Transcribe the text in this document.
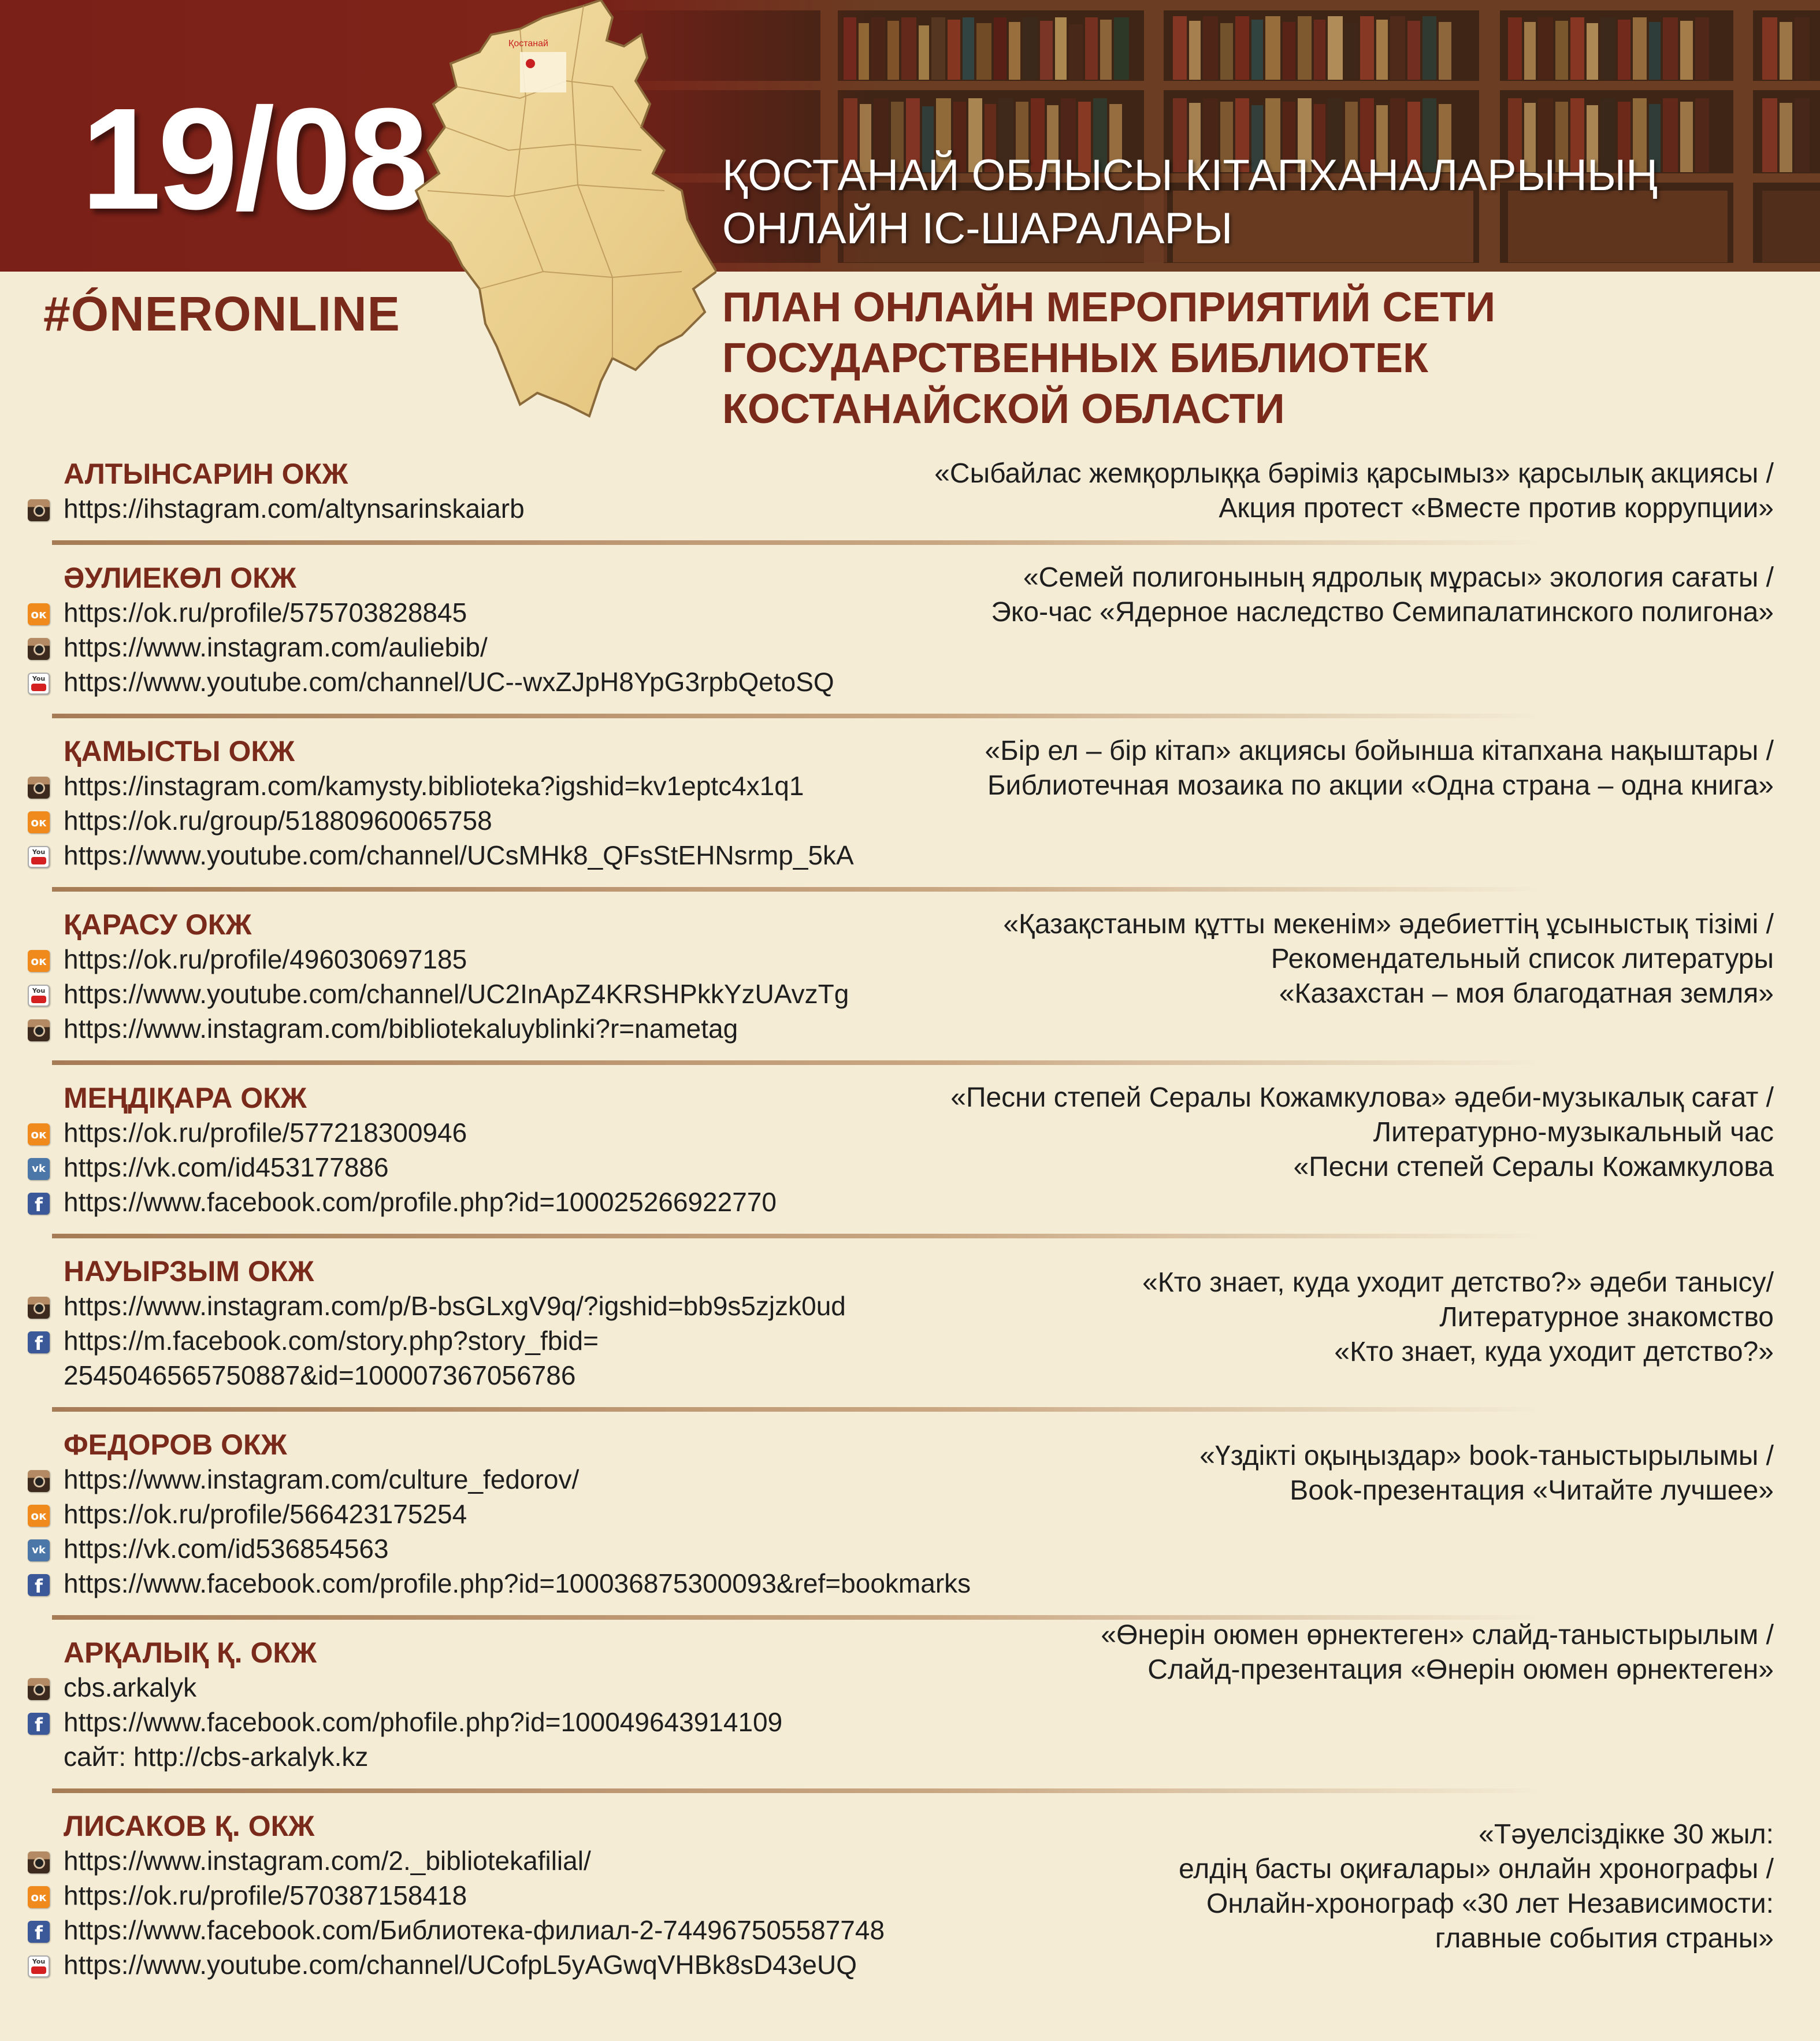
19/08	ҚОСТАНАЙ ОБЛЫСЫ КІТАПХАНАЛАРЫНЫҢ
ОНЛАЙН ІС-ШАРАЛАРЫ
Қостанай
#ÓNERONLINE	ПЛАН ОНЛАЙН МЕРОПРИЯТИЙ СЕТИ
ГОСУДАРСТВЕННЫХ БИБЛИОТЕК
КОСТАНАЙСКОЙ ОБЛАСТИ
АЛТЫНСАРИН ОКЖ
https://ihstagram.com/altynsarinskaiarb
«Сыбайлас жемқорлыққа бәріміз қарсымыз» қарсылық акциясы /
Акция протест «Вместе против коррупции»
ӘУЛИЕКӨЛ ОКЖ
ок https://ok.ru/profile/575703828845
https://www.instagram.com/auliebib/
You
https://www.youtube.com/channel/UC--wxZJpH8YpG3rpbQetoSQ
«Семей полигонының ядролық мұрасы» экология сағаты /
Эко-час «Ядерное наследство Семипалатинского полигона»
ҚАМЫСТЫ ОКЖ
https://instagram.com/kamysty.biblioteka?igshid=kv1eptc4x1q1
ок https://ok.ru/group/51880960065758
You
https://www.youtube.com/channel/UCsMHk8_QFsStEHNsrmp_5kA
«Бір ел – бір кітап» акциясы бойынша кітапхана нақыштары /
Библиотечная мозаика по акции «Одна страна – одна книга»
ҚАРАСУ ОКЖ
ок https://ok.ru/profile/496030697185
You
https://www.youtube.com/channel/UC2InApZ4KRSHPkkYzUAvzTg
https://www.instagram.com/bibliotekaluyblinki?r=nametag
«Қазақстаным құтты мекенім» әдебиеттің ұсыныстық тізімі /
Рекомендательный список литературы
«Казахстан – моя благодатная земля»
МЕҢДІҚАРА ОКЖ
ок https://ok.ru/profile/577218300946
vk https://vk.com/id453177886
f https://www.facebook.com/profile.php?id=100025266922770
«Песни степей Сералы Кожамкулова» әдеби-музыкалық сағат /
Литературно-музыкальный час
«Песни степей Сералы Кожамкулова
НАУЫРЗЫМ ОКЖ
https://www.instagram.com/p/B-bsGLxgV9q/?igshid=bb9s5zjzk0ud
f https://m.facebook.com/story.php?story_fbid=
2545046565750887&id=100007367056786
«Кто знает, куда уходит детство?» әдеби танысу/
Литературное знакомство
«Кто знает, куда уходит детство?»
ФЕДОРОВ ОКЖ
https://www.instagram.com/culture_fedorov/
ок https://ok.ru/profile/566423175254
vk https://vk.com/id536854563
f https://www.facebook.com/profile.php?id=100036875300093&ref=bookmarks
«Үздікті оқыңыздар» book-таныстырылымы /
Book-презентация «Читайте лучшее»
АРҚАЛЫҚ Қ. ОКЖ
cbs.arkalyk
f https://www.facebook.com/phofile.php?id=100049643914109
сайт: http://cbs-arkalyk.kz
«Өнерін оюмен өрнектеген» слайд-таныстырылым /
Слайд-презентация «Өнерін оюмен өрнектеген»
ЛИСАКОВ Қ. ОКЖ
https://www.instagram.com/2._bibliotekafilial/
ок https://ok.ru/profile/570387158418
f https://www.facebook.com/Библиотека-филиал-2-744967505587748
You
https://www.youtube.com/channel/UCofpL5yAGwqVHBk8sD43eUQ
«Тәуелсіздікке 30 жыл:
елдің басты оқиғалары» онлайн хронографы /
Онлайн-хронограф «30 лет Независимости:
главные события страны»
